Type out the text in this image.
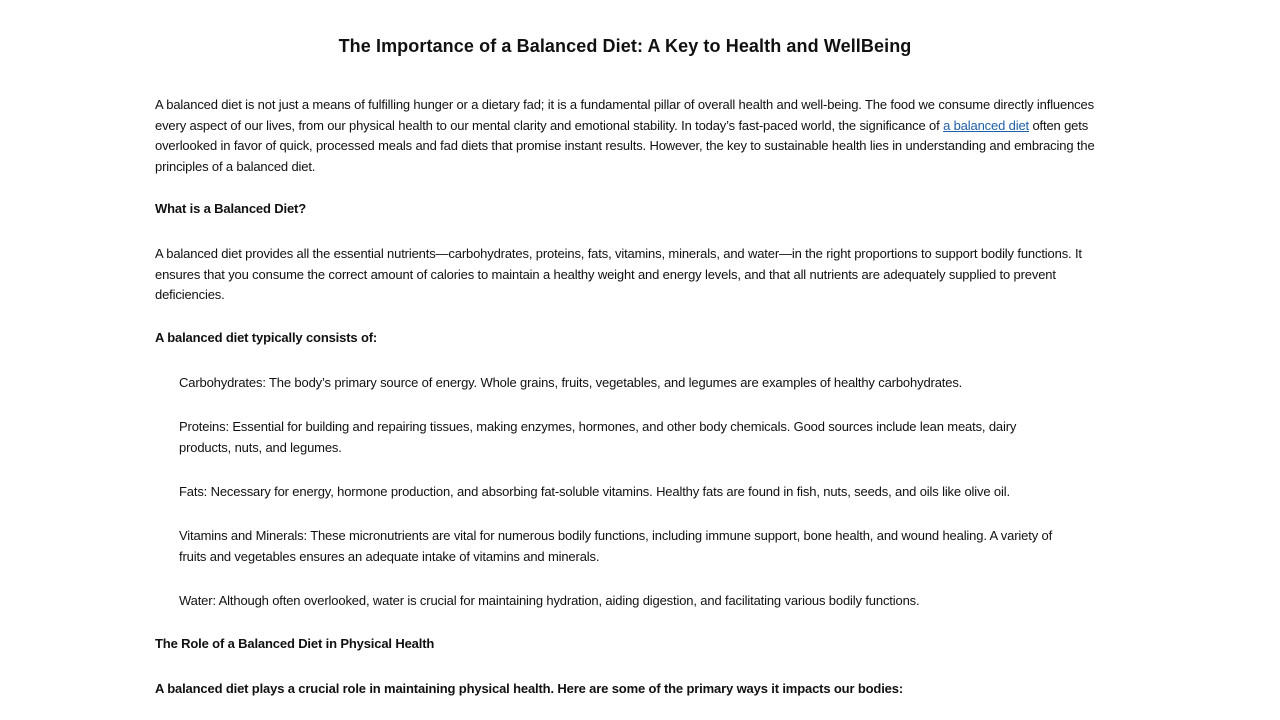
The Importance of a Balanced Diet: A Key to Health and WellBeing

A balanced diet is not just a means of fulfilling hunger or a dietary fad; it is a fundamental pillar of overall health and well-being. The food we consume directly influences every aspect of our lives, from our physical health to our mental clarity and emotional stability. In today’s fast-paced world, the significance of a balanced diet often gets overlooked in favor of quick, processed meals and fad diets that promise instant results. However, the key to sustainable health lies in understanding and embracing the principles of a balanced diet.

What is a Balanced Diet?

A balanced diet provides all the essential nutrients—carbohydrates, proteins, fats, vitamins, minerals, and water—in the right proportions to support bodily functions. It ensures that you consume the correct amount of calories to maintain a healthy weight and energy levels, and that all nutrients are adequately supplied to prevent deficiencies.

A balanced diet typically consists of:

Carbohydrates: The body’s primary source of energy. Whole grains, fruits, vegetables, and legumes are examples of healthy carbohydrates.

Proteins: Essential for building and repairing tissues, making enzymes, hormones, and other body chemicals. Good sources include lean meats, dairy products, nuts, and legumes.

Fats: Necessary for energy, hormone production, and absorbing fat-soluble vitamins. Healthy fats are found in fish, nuts, seeds, and oils like olive oil.

Vitamins and Minerals: These micronutrients are vital for numerous bodily functions, including immune support, bone health, and wound healing. A variety of fruits and vegetables ensures an adequate intake of vitamins and minerals.

Water: Although often overlooked, water is crucial for maintaining hydration, aiding digestion, and facilitating various bodily functions.

The Role of a Balanced Diet in Physical Health

A balanced diet plays a crucial role in maintaining physical health. Here are some of the primary ways it impacts our bodies:
